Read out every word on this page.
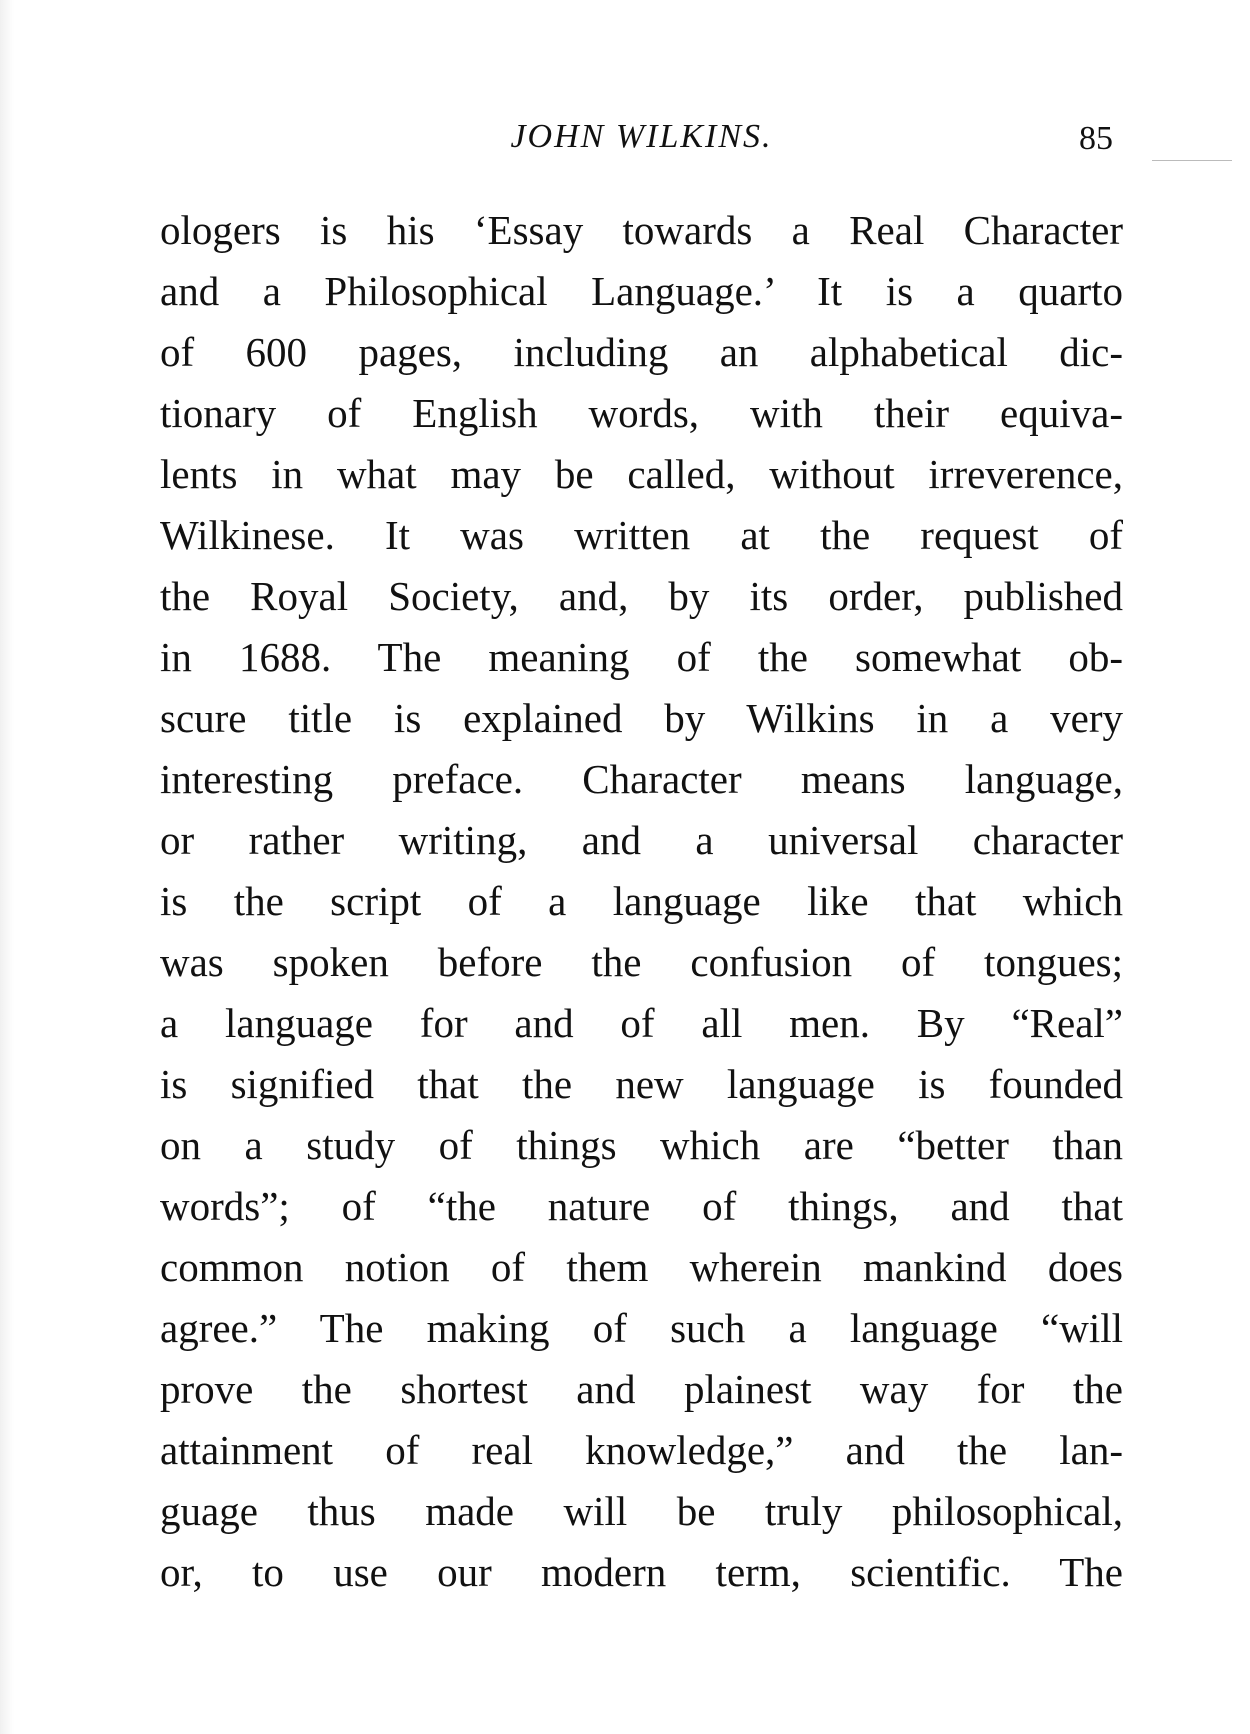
JOHN WILKINS.	85
ologers is his ‘Essay towards a Real Character
and a Philosophical Language.’ It is a quarto
of 600 pages, including an alphabetical dic-
tionary of English words, with their equiva-
lents in what may be called, without irreverence,
Wilkinese. It was written at the request of
the Royal Society, and, by its order, published
in 1688. The meaning of the somewhat ob-
scure title is explained by Wilkins in a very
interesting preface. Character means language,
or rather writing, and a universal character
is the script of a language like that which
was spoken before the confusion of tongues;
a language for and of all men. By “Real”
is signified that the new language is founded
on a study of things which are “better than
words”; of “the nature of things, and that
common notion of them wherein mankind does
agree.” The making of such a language “will
prove the shortest and plainest way for the
attainment of real knowledge,” and the lan-
guage thus made will be truly philosophical,
or, to use our modern term, scientific. The
